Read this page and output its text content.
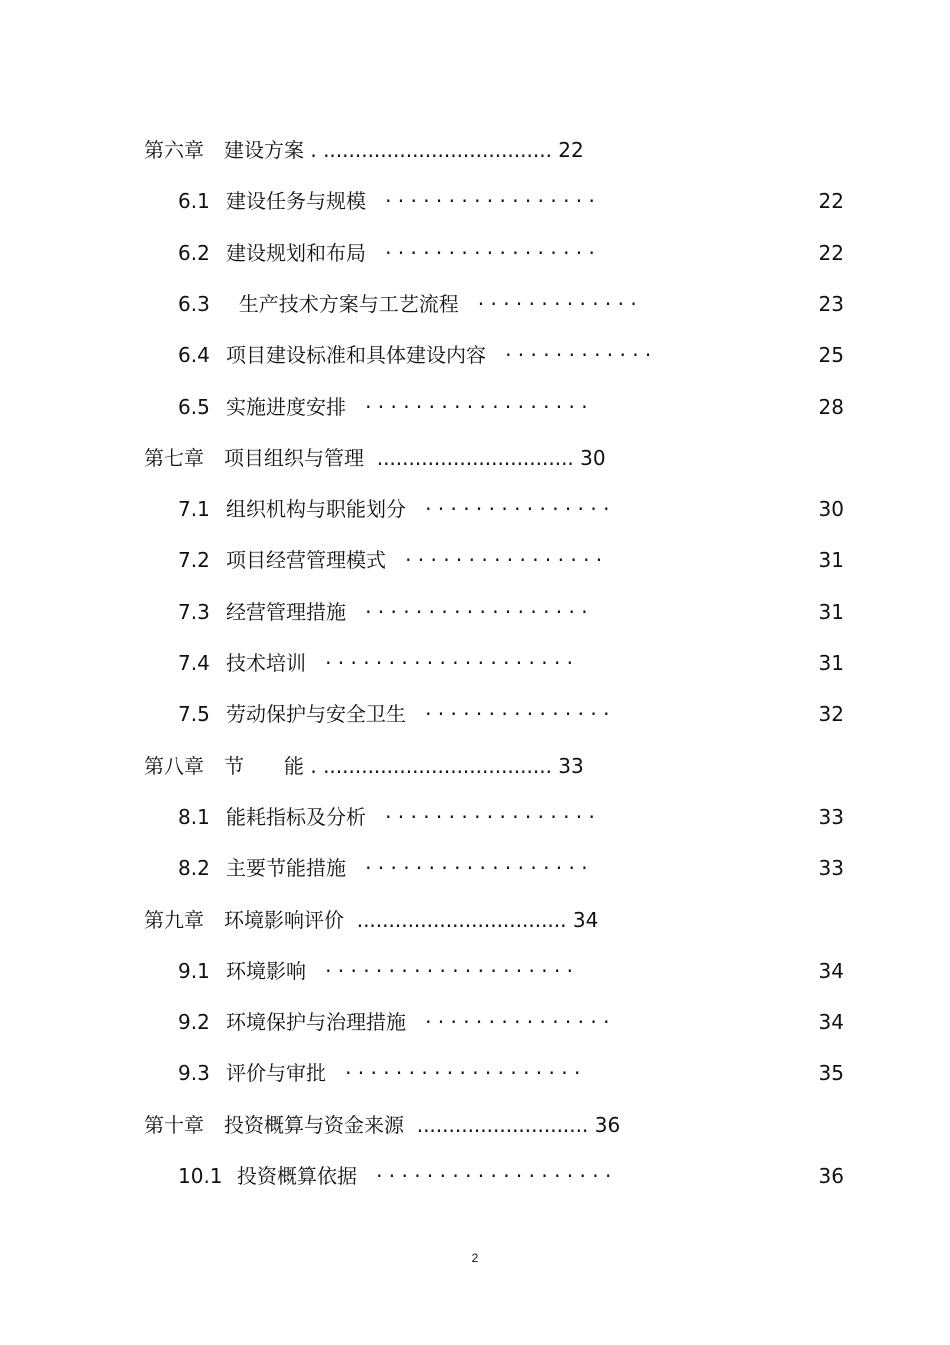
第六章　建设方案 . .................................... 22
6.1 建设任务与规模   · · · · · · · · · · · · · · · · ·	22
6.2 建设规划和布局   · · · · · · · · · · · · · · · · ·	22
6.3 生产技术方案与工艺流程   · · · · · · · · · · · · ·	23
6.4 项目建设标准和具体建设内容   · · · · · · · · · · · ·	25
6.5 实施进度安排   · · · · · · · · · · · · · · · · · ·	28
第七章　项目组织与管理  ............................... 30
7.1 组织机构与职能划分   · · · · · · · · · · · · · · ·	30
7.2 项目经营管理模式   · · · · · · · · · · · · · · · ·	31
7.3 经营管理措施   · · · · · · · · · · · · · · · · · ·	31
7.4 技术培训   · · · · · · · · · · · · · · · · · · · ·	31
7.5 劳动保护与安全卫生   · · · · · · · · · · · · · · ·	32
第八章　节　　能 . .................................... 33
8.1 能耗指标及分析   · · · · · · · · · · · · · · · · ·	33
8.2 主要节能措施   · · · · · · · · · · · · · · · · · ·	33
第九章　环境影响评价  ................................. 34
9.1 环境影响   · · · · · · · · · · · · · · · · · · · ·	34
9.2 环境保护与治理措施   · · · · · · · · · · · · · · ·	34
9.3 评价与审批   · · · · · · · · · · · · · · · · · · ·	35
第十章　投资概算与资金来源  ........................... 36
10.1 投资概算依据   · · · · · · · · · · · · · · · · · · ·	36
2
